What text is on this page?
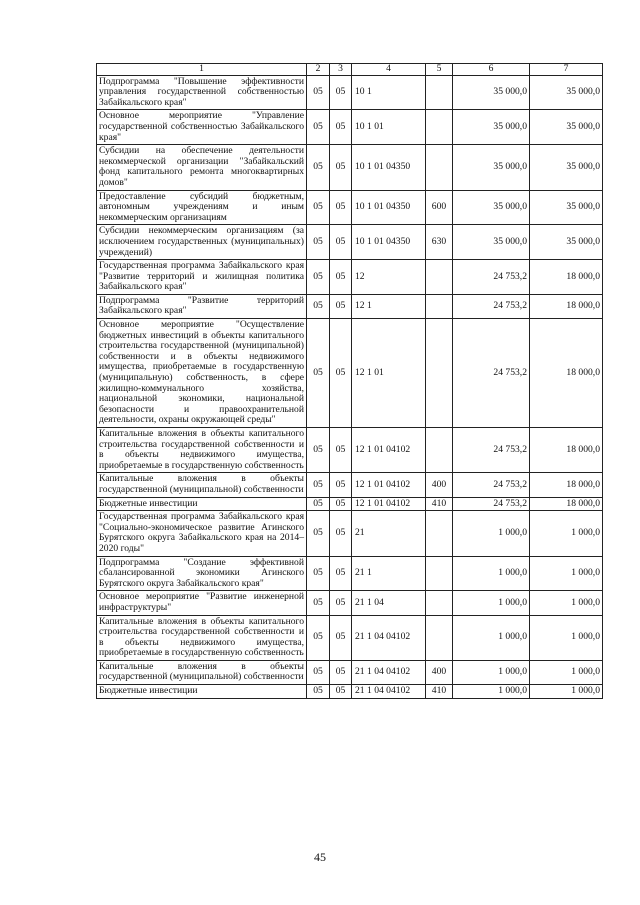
1	2	3	4	5	6	7
Подпрограмма "Повышение эффективности управления государственной собственностью Забайкальского края"	05	05	10 1		35 000,0	35 000,0
Основное мероприятие "Управление государственной собственностью Забайкальского края"	05	05	10 1 01		35 000,0	35 000,0
Субсидии на обеспечение деятельности некоммерческой организации "Забайкальский фонд капитального ремонта многоквартирных домов"	05	05	10 1 01 04350		35 000,0	35 000,0
Предоставление субсидий бюджетным, автономным учреждениям и иным некоммерческим организациям	05	05	10 1 01 04350	600	35 000,0	35 000,0
Субсидии некоммерческим организациям (за исключением государственных (муниципальных) учреждений)	05	05	10 1 01 04350	630	35 000,0	35 000,0
Государственная программа Забайкальского края "Развитие территорий и жилищная политика Забайкальского края"	05	05	12		24 753,2	18 000,0
Подпрограмма "Развитие территорий Забайкальского края"	05	05	12 1		24 753,2	18 000,0
Основное мероприятие "Осуществление бюджетных инвестиций в объекты капитального строительства государственной (муниципальной) собственности и в объекты недвижимого имущества, приобретаемые в государственную (муниципальную) собственность, в сфере жилищно-коммунального хозяйства, национальной экономики, национальной безопасности и правоохранительной деятельности, охраны окружающей среды"	05	05	12 1 01		24 753,2	18 000,0
Капитальные вложения в объекты капитального строительства государственной собственности и в объекты недвижимого имущества, приобретаемые в государственную собственность	05	05	12 1 01 04102		24 753,2	18 000,0
Капитальные вложения в объекты государственной (муниципальной) собственности	05	05	12 1 01 04102	400	24 753,2	18 000,0
Бюджетные инвестиции	05	05	12 1 01 04102	410	24 753,2	18 000,0
Государственная программа Забайкальского края "Социально-экономическое развитие Агинского Бурятского округа Забайкальского края на 2014–2020 годы"	05	05	21		1 000,0	1 000,0
Подпрограмма "Создание эффективной сбалансированной экономики Агинского Бурятского округа Забайкальского края"	05	05	21 1		1 000,0	1 000,0
Основное мероприятие "Развитие инженерной инфраструктуры"	05	05	21 1 04		1 000,0	1 000,0
Капитальные вложения в объекты капитального строительства государственной собственности и в объекты недвижимого имущества, приобретаемые в государственную собственность	05	05	21 1 04 04102		1 000,0	1 000,0
Капитальные вложения в объекты государственной (муниципальной) собственности	05	05	21 1 04 04102	400	1 000,0	1 000,0
Бюджетные инвестиции	05	05	21 1 04 04102	410	1 000,0	1 000,0
45
